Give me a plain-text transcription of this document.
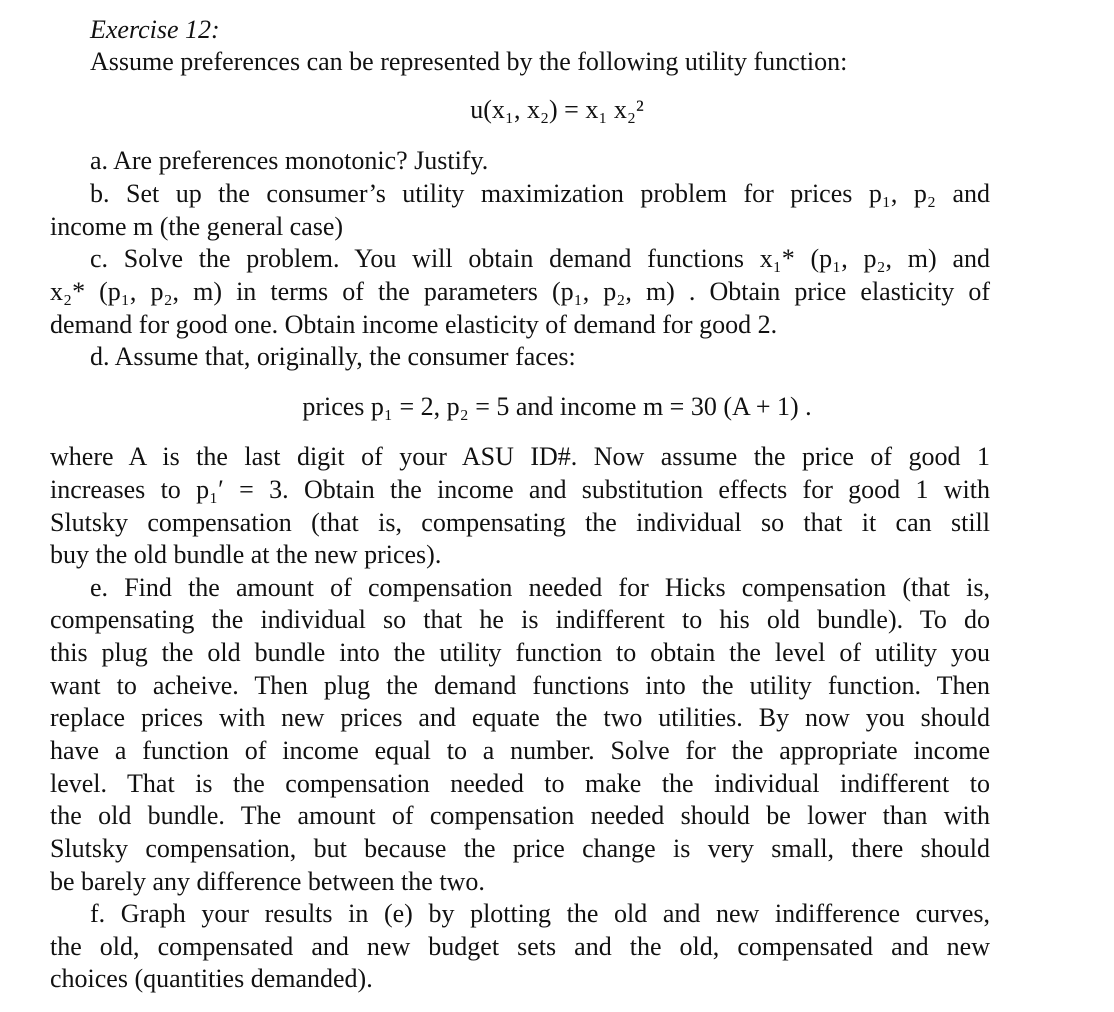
Exercise 12:
Assume preferences can be represented by the following utility function:
u(x₁, x₂) = x₁ x₂²
a. Are preferences monotonic? Justify.
b. Set up the consumer’s utility maximization problem for prices p₁, p₂ and
income m (the general case)
c. Solve the problem. You will obtain demand functions x₁* (p₁, p₂, m) and
x₂* (p₁, p₂, m) in terms of the parameters (p₁, p₂, m) . Obtain price elasticity of
demand for good one. Obtain income elasticity of demand for good 2.
d. Assume that, originally, the consumer faces:
prices p₁ = 2, p₂ = 5 and income m = 30 (A + 1) .
where A is the last digit of your ASU ID#. Now assume the price of good 1
increases to p₁′ = 3. Obtain the income and substitution effects for good 1 with
Slutsky compensation (that is, compensating the individual so that it can still
buy the old bundle at the new prices).
e. Find the amount of compensation needed for Hicks compensation (that is,
compensating the individual so that he is indifferent to his old bundle). To do
this plug the old bundle into the utility function to obtain the level of utility you
want to acheive. Then plug the demand functions into the utility function. Then
replace prices with new prices and equate the two utilities. By now you should
have a function of income equal to a number. Solve for the appropriate income
level. That is the compensation needed to make the individual indifferent to
the old bundle. The amount of compensation needed should be lower than with
Slutsky compensation, but because the price change is very small, there should
be barely any difference between the two.
f. Graph your results in (e) by plotting the old and new indifference curves,
the old, compensated and new budget sets and the old, compensated and new
choices (quantities demanded).
